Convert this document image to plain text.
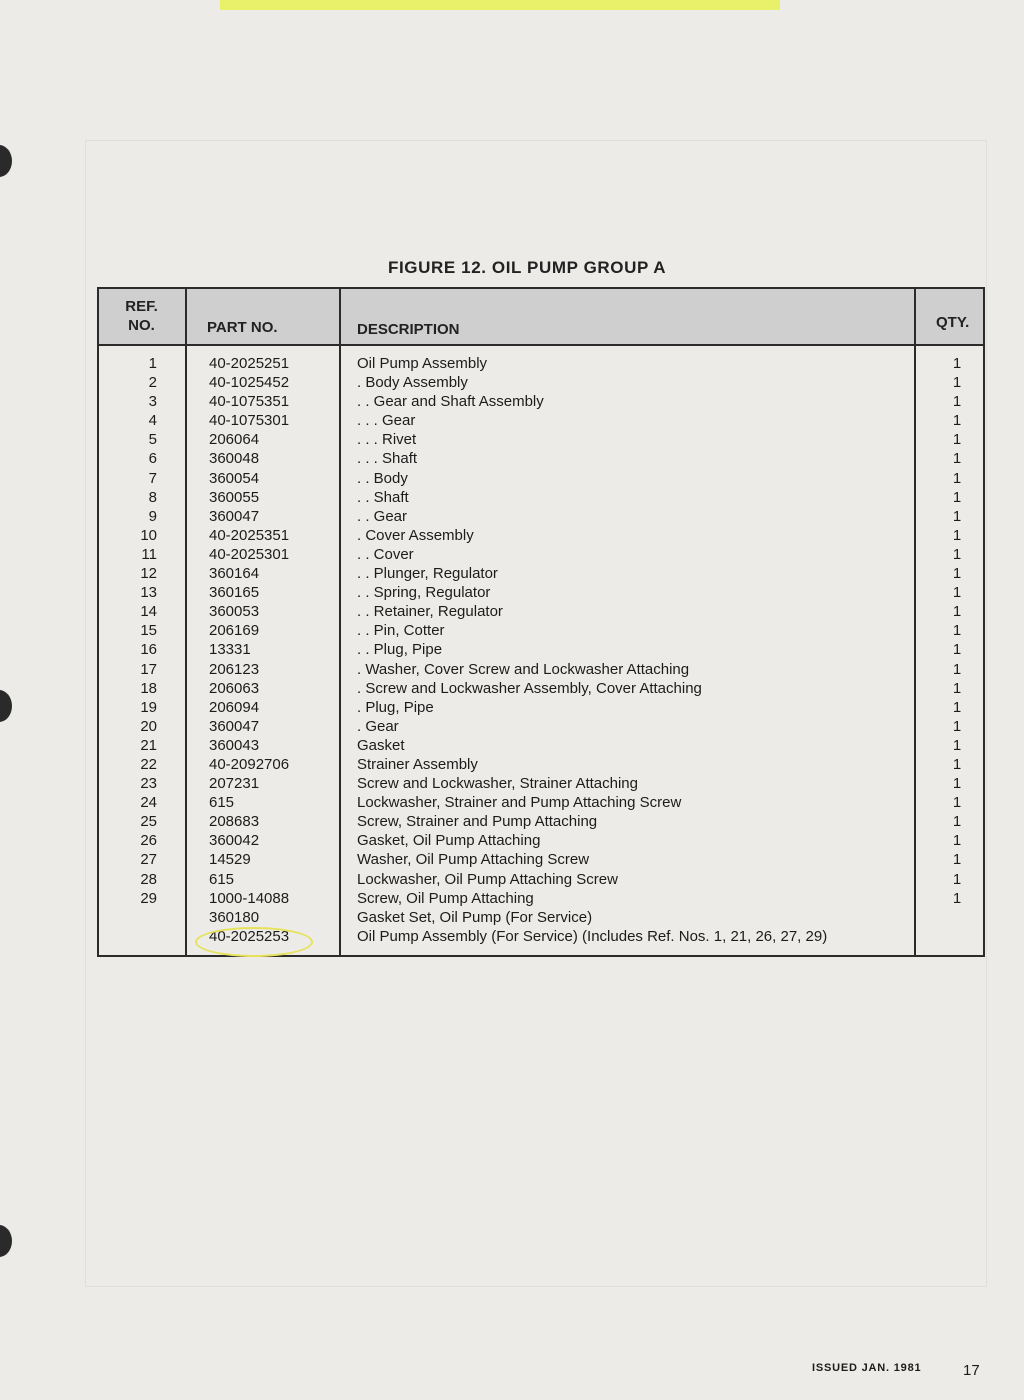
FIGURE 12. OIL PUMP GROUP A
REF.
NO.	PART NO.	DESCRIPTION	QTY.
1	40-2025251	Oil Pump Assembly	1
2	40-1025452	. Body Assembly	1
3	40-1075351	. . Gear and Shaft Assembly	1
4	40-1075301	. . . Gear	1
5	206064	. . . Rivet	1
6	360048	. . . Shaft	1
7	360054	. . Body	1
8	360055	. . Shaft	1
9	360047	. . Gear	1
10	40-2025351	. Cover Assembly	1
11	40-2025301	. . Cover	1
12	360164	. . Plunger, Regulator	1
13	360165	. . Spring, Regulator	1
14	360053	. . Retainer, Regulator	1
15	206169	. . Pin, Cotter	1
16	13331	. . Plug, Pipe	1
17	206123	. Washer, Cover Screw and Lockwasher Attaching	1
18	206063	. Screw and Lockwasher Assembly, Cover Attaching	1
19	206094	. Plug, Pipe	1
20	360047	. Gear	1
21	360043	Gasket	1
22	40-2092706	Strainer Assembly	1
23	207231	Screw and Lockwasher, Strainer Attaching	1
24	615	Lockwasher, Strainer and Pump Attaching Screw	1
25	208683	Screw, Strainer and Pump Attaching	1
26	360042	Gasket, Oil Pump Attaching	1
27	14529	Washer, Oil Pump Attaching Screw	1
28	615	Lockwasher, Oil Pump Attaching Screw	1
29	1000-14088	Screw, Oil Pump Attaching	1
360180	Gasket Set, Oil Pump (For Service)
40-2025253	Oil Pump Assembly (For Service) (Includes Ref. Nos. 1, 21, 26, 27, 29)
ISSUED JAN. 1981	17
